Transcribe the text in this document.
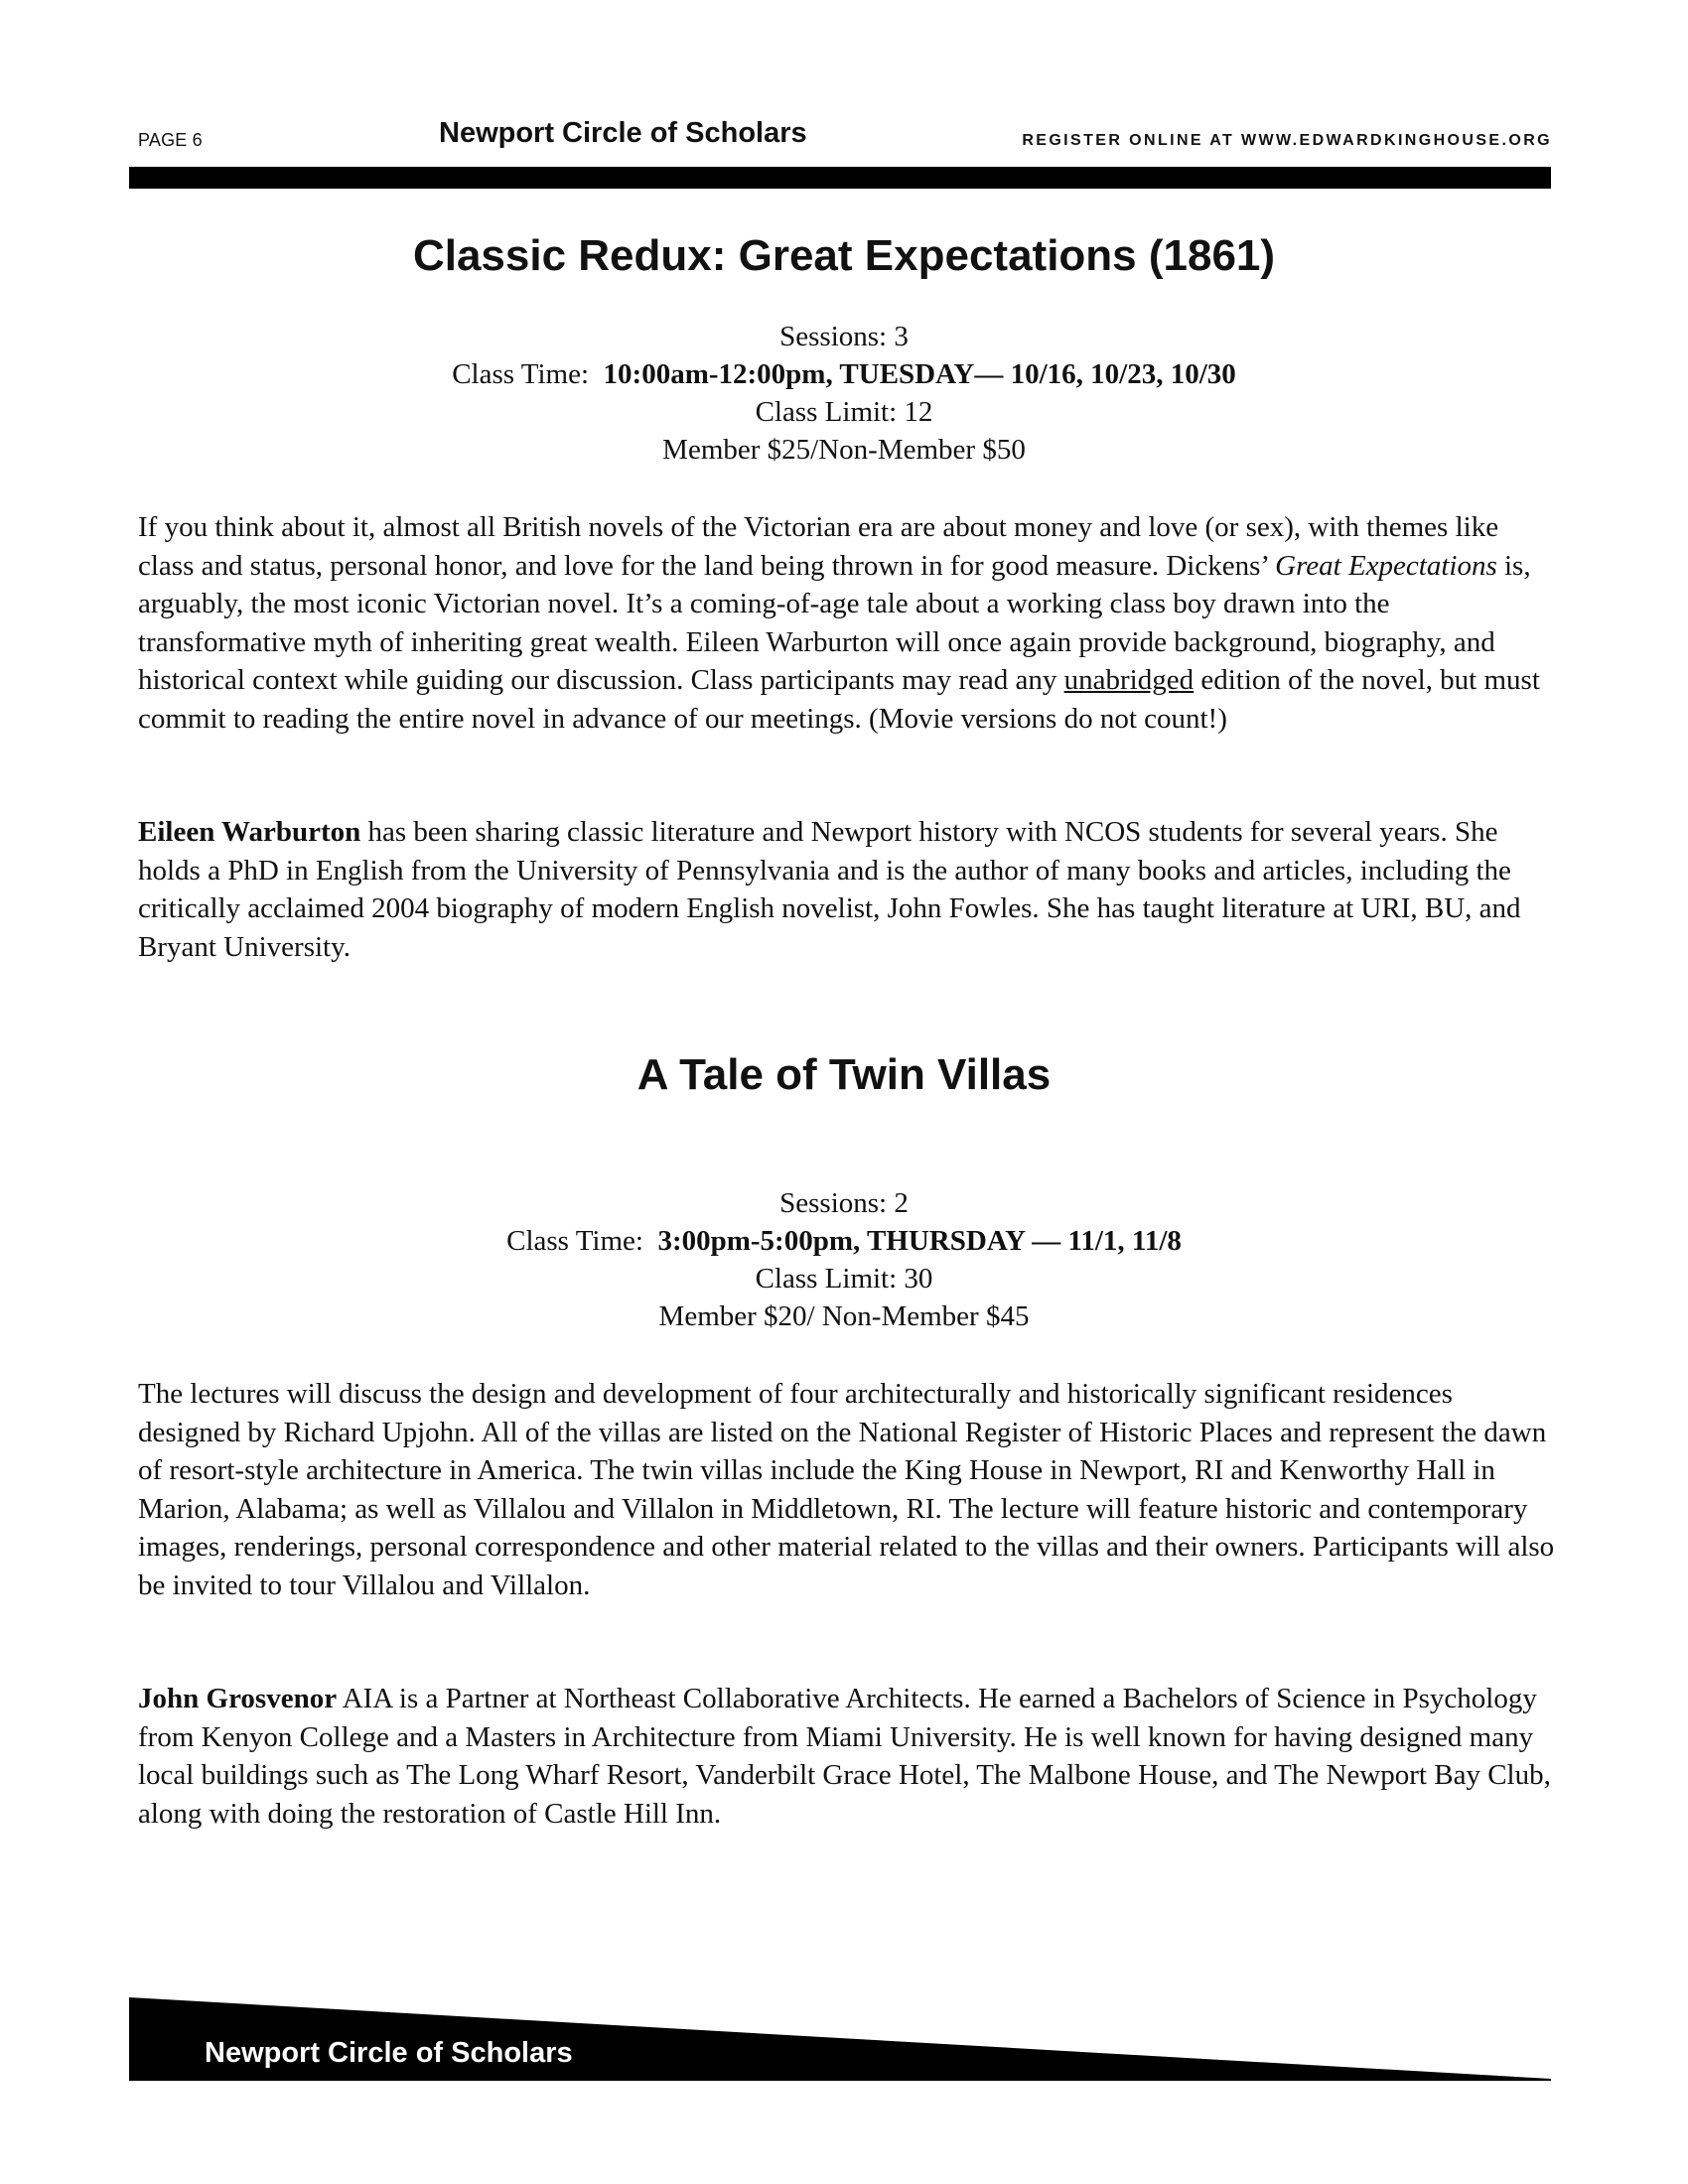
PAGE 6	Newport Circle of Scholars	REGISTER ONLINE AT WWW.EDWARDKINGHOUSE.ORG
Classic Redux: Great Expectations (1861)
Sessions: 3
Class Time: 10:00am-12:00pm, TUESDAY— 10/16, 10/23, 10/30
Class Limit: 12
Member $25/Non-Member $50
If you think about it, almost all British novels of the Victorian era are about money and love (or sex), with themes like class and status, personal honor, and love for the land being thrown in for good measure. Dickens’ Great Expectations is, arguably, the most iconic Victorian novel. It’s a coming-of-age tale about a working class boy drawn into the transformative myth of inheriting great wealth. Eileen Warburton will once again provide background, biography, and historical context while guiding our discussion. Class participants may read any unabridged edition of the novel, but must commit to reading the entire novel in advance of our meetings. (Movie versions do not count!)
Eileen Warburton has been sharing classic literature and Newport history with NCOS students for several years. She holds a PhD in English from the University of Pennsylvania and is the author of many books and articles, including the critically acclaimed 2004 biography of modern English novelist, John Fowles. She has taught literature at URI, BU, and Bryant University.
A Tale of Twin Villas
Sessions: 2
Class Time: 3:00pm-5:00pm, THURSDAY — 11/1, 11/8
Class Limit: 30
Member $20/ Non-Member $45
The lectures will discuss the design and development of four architecturally and historically significant residences designed by Richard Upjohn. All of the villas are listed on the National Register of Historic Places and represent the dawn of resort-style architecture in America. The twin villas include the King House in Newport, RI and Kenworthy Hall in Marion, Alabama; as well as Villalou and Villalon in Middletown, RI. The lecture will feature historic and contemporary images, renderings, personal correspondence and other material related to the villas and their owners. Participants will also be invited to tour Villalou and Villalon.
John Grosvenor AIA is a Partner at Northeast Collaborative Architects. He earned a Bachelors of Science in Psychology from Kenyon College and a Masters in Architecture from Miami University. He is well known for having designed many local buildings such as The Long Wharf Resort, Vanderbilt Grace Hotel, The Malbone House, and The Newport Bay Club, along with doing the restoration of Castle Hill Inn.
Newport Circle of Scholars
